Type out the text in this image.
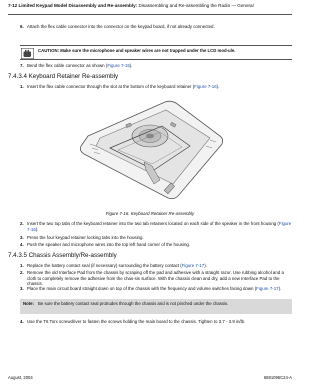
7-12 Limited Keypad Model Disassembly and Re-assembly: Disassembling and Re-assembling the Radio — General
6. Attach the flex cable connector into the connector on the keypad board, if not already connected.
CAUTION: Make sure the microphone and speaker wires are not trapped under the LCD mod-ule.
7. Bend the flex cable connector as shown (Figure 7-15).
7.4.3.4 Keyboard Retainer Re-assembly
1. Insert the flex cable connector through the slot at the bottom of the keyboard retainer (Figure 7-16).
Figure 7-16. Keyboard Retainer Re-assembly
2. Insert the two top tabs of the keyboard retainer into the two tab retainers located on each side of the speaker in the front housing (Figure 7-16).
3. Press the four keypad retainer locking tabs into the housing.
4. Push the speaker and microphone wires into the top left hand corner of the housing.
7.4.3.5 Chassis Assembly/Re-assembly
1. Replace the battery contact seal (if necessary) surrounding the battery contact (Figure 7-17).
2. Remove the old Interface Pad from the chassis by scraping off the pad and adhesive with a straight razor. Use rubbing alcohol and a cloth to completely remove the adhesive from the chas-sis surface. With the chassis clean and dry, add a new Interface Pad to the chassis.
3. Place the main circuit board straight down on top of the chassis with the frequency and volume switches facing down (Figure 7-17).
Note: Be sure the battery contact seal protrudes through the chassis and is not pinched under the chassis.
4. Use the T6 Torx screwdriver to fasten the screws holding the main board to the chassis. Tighten to 3.7 - 3.9 in/lb.
August, 2004	6881096C24-A
